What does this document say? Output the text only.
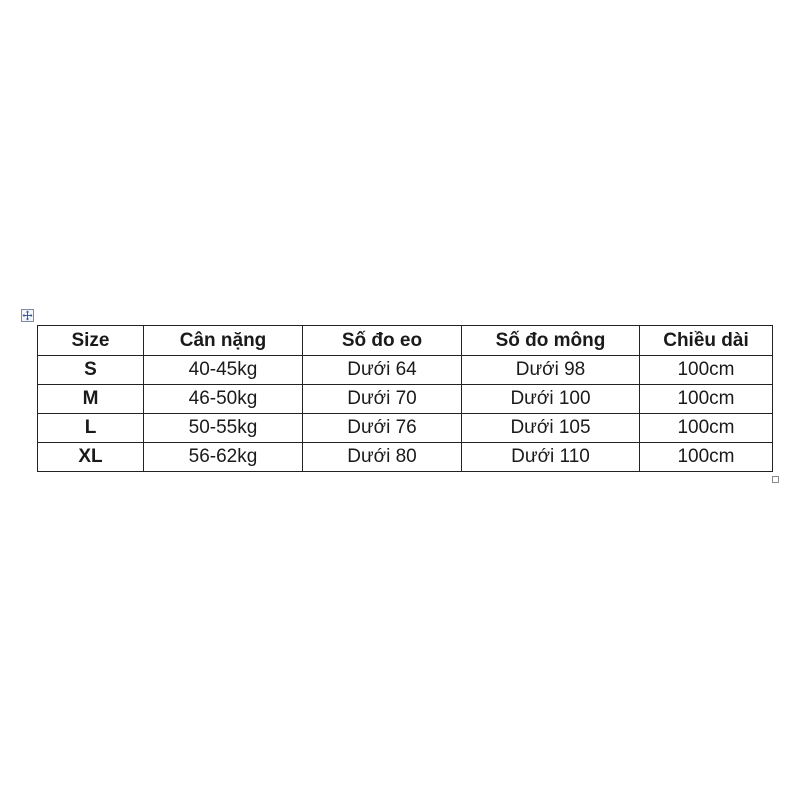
Size	Cân nặng	Số đo eo	Số đo mông	Chiều dài
S	40-45kg	Dưới 64	Dưới 98	100cm
M	46-50kg	Dưới 70	Dưới 100	100cm
L	50-55kg	Dưới 76	Dưới 105	100cm
XL	56-62kg	Dưới 80	Dưới 110	100cm
